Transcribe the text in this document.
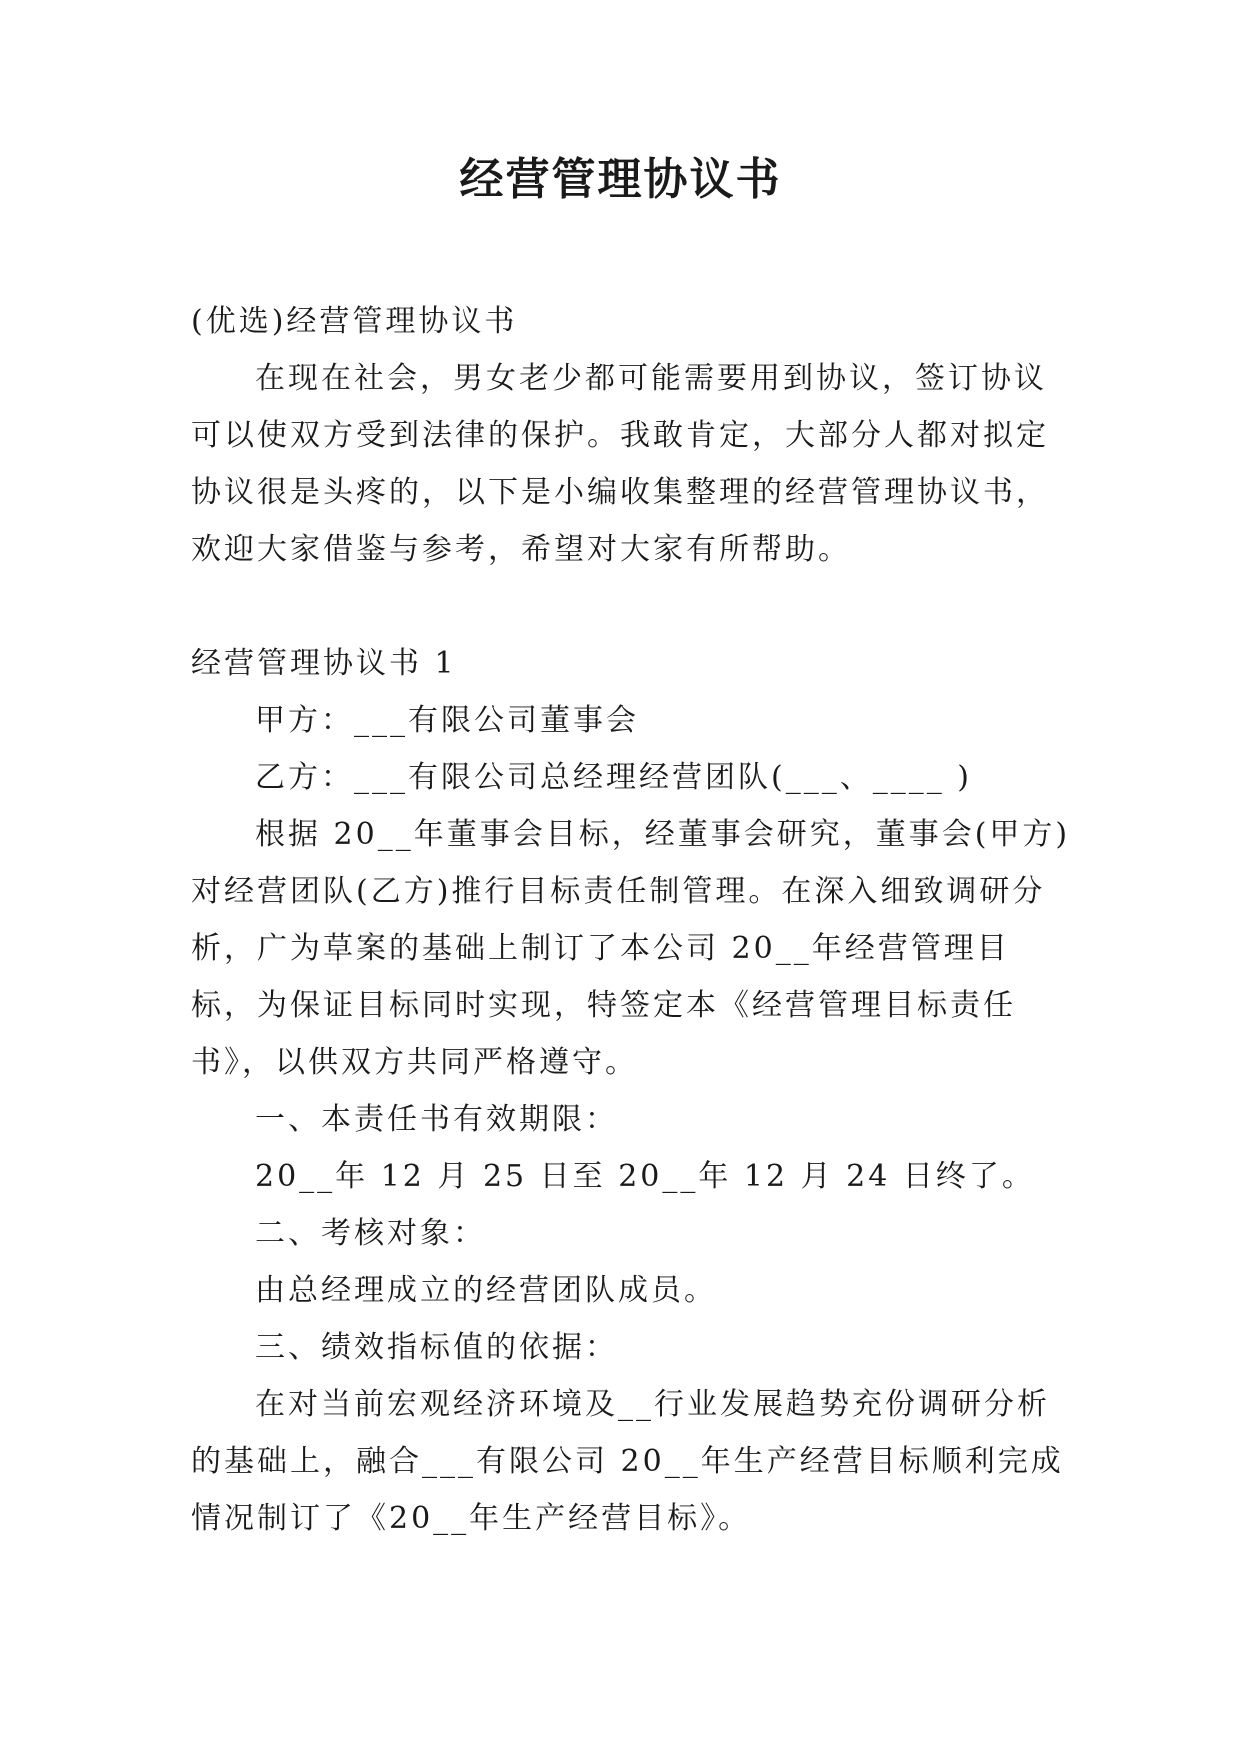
经营管理协议书

(优选)经营管理协议书

在现在社会，男女老少都可能需要用到协议，签订协议可以使双方受到法律的保护。我敢肯定，大部分人都对拟定协议很是头疼的，以下是小编收集整理的经营管理协议书，欢迎大家借鉴与参考，希望对大家有所帮助。

经营管理协议书 1

甲方：___有限公司董事会

乙方：___有限公司总经理经营团队(___、____ )

根据 20__年董事会目标，经董事会研究，董事会(甲方)对经营团队(乙方)推行目标责任制管理。在深入细致调研分析，广为草案的基础上制订了本公司 20__年经营管理目标，为保证目标同时实现，特签定本《经营管理目标责任书》，以供双方共同严格遵守。

一、本责任书有效期限：

20__年 12 月 25 日至 20__年 12 月 24 日终了。

二、考核对象：

由总经理成立的经营团队成员。

三、绩效指标值的依据：

在对当前宏观经济环境及__行业发展趋势充份调研分析的基础上，融合___有限公司 20__年生产经营目标顺利完成情况制订了《20__年生产经营目标》。
